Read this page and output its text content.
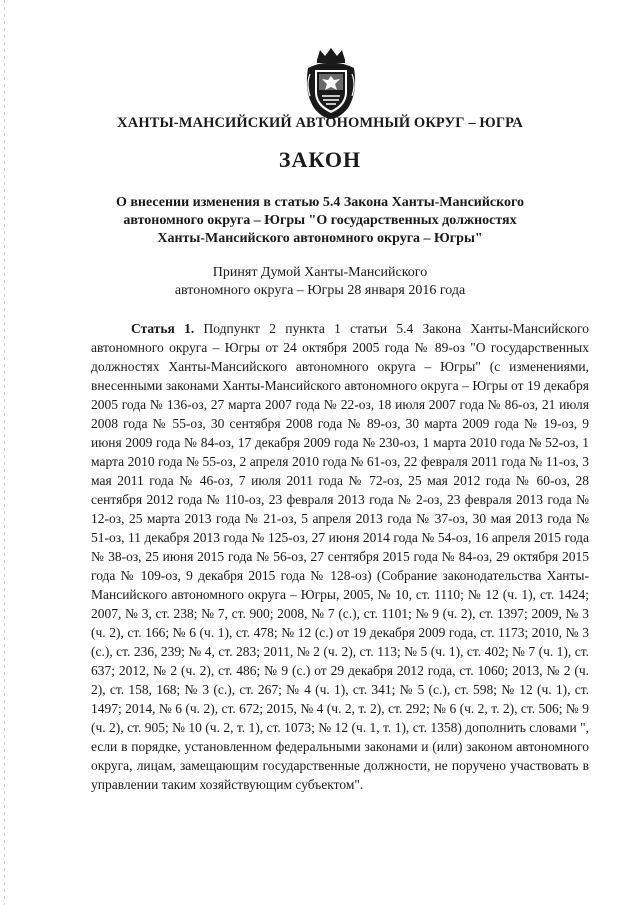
ХАНТЫ-МАНСИЙСКИЙ АВТОНОМНЫЙ ОКРУГ – ЮГРА
ЗАКОН
О внесении изменения в статью 5.4 Закона Ханты-Мансийского
автономного округа – Югры "О государственных должностях
Ханты-Мансийского автономного округа – Югры"
Принят Думой Ханты-Мансийского
автономного округа – Югры 28 января 2016 года

Статья 1. Подпункт 2 пункта 1 статьи 5.4 Закона Ханты-Мансийского автономного округа – Югры от 24 октября 2005 года № 89-оз "О государственных должностях Ханты-Мансийского автономного округа – Югры" (с изменениями, внесенными законами Ханты-Мансийского автономного округа – Югры от 19 декабря 2005 года № 136-оз, 27 марта 2007 года № 22-оз, 18 июля 2007 года № 86-оз, 21 июля 2008 года № 55-оз, 30 сентября 2008 года № 89-оз, 30 марта 2009 года № 19-оз, 9 июня 2009 года № 84-оз, 17 декабря 2009 года № 230-оз, 1 марта 2010 года № 52-оз, 1 марта 2010 года № 55-оз, 2 апреля 2010 года № 61-оз, 22 февраля 2011 года № 11-оз, 3 мая 2011 года № 46-оз, 7 июля 2011 года № 72-оз, 25 мая 2012 года № 60-оз, 28 сентября 2012 года № 110-оз, 23 февраля 2013 года № 2-оз, 23 февраля 2013 года № 12-оз, 25 марта 2013 года № 21-оз, 5 апреля 2013 года № 37-оз, 30 мая 2013 года № 51-оз, 11 декабря 2013 года № 125-оз, 27 июня 2014 года № 54-оз, 16 апреля 2015 года № 38-оз, 25 июня 2015 года № 56-оз, 27 сентября 2015 года № 84-оз, 29 октября 2015 года № 109-оз, 9 декабря 2015 года № 128-оз) (Собрание законодательства Ханты-Мансийского автономного округа – Югры, 2005, № 10, ст. 1110; № 12 (ч. 1), ст. 1424; 2007, № 3, ст. 238; № 7, ст. 900; 2008, № 7 (с.), ст. 1101; № 9 (ч. 2), ст. 1397; 2009, № 3 (ч. 2), ст. 166; № 6 (ч. 1), ст. 478; № 12 (с.) от 19 декабря 2009 года, ст. 1173; 2010, № 3 (с.), ст. 236, 239; № 4, ст. 283; 2011, № 2 (ч. 2), ст. 113; № 5 (ч. 1), ст. 402; № 7 (ч. 1), ст. 637; 2012, № 2 (ч. 2), ст. 486; № 9 (с.) от 29 декабря 2012 года, ст. 1060; 2013, № 2 (ч. 2), ст. 158, 168; № 3 (с.), ст. 267; № 4 (ч. 1), ст. 341; № 5 (с.), ст. 598; № 12 (ч. 1), ст. 1497; 2014, № 6 (ч. 2), ст. 672; 2015, № 4 (ч. 2, т. 2), ст. 292; № 6 (ч. 2, т. 2), ст. 506; № 9 (ч. 2), ст. 905; № 10 (ч. 2, т. 1), ст. 1073; № 12 (ч. 1, т. 1), ст. 1358) дополнить словами ", если в порядке, установленном федеральными законами и (или) законом автономного округа, лицам, замещающим государственные должности, не поручено участвовать в управлении таким хозяйствующим субъектом".
